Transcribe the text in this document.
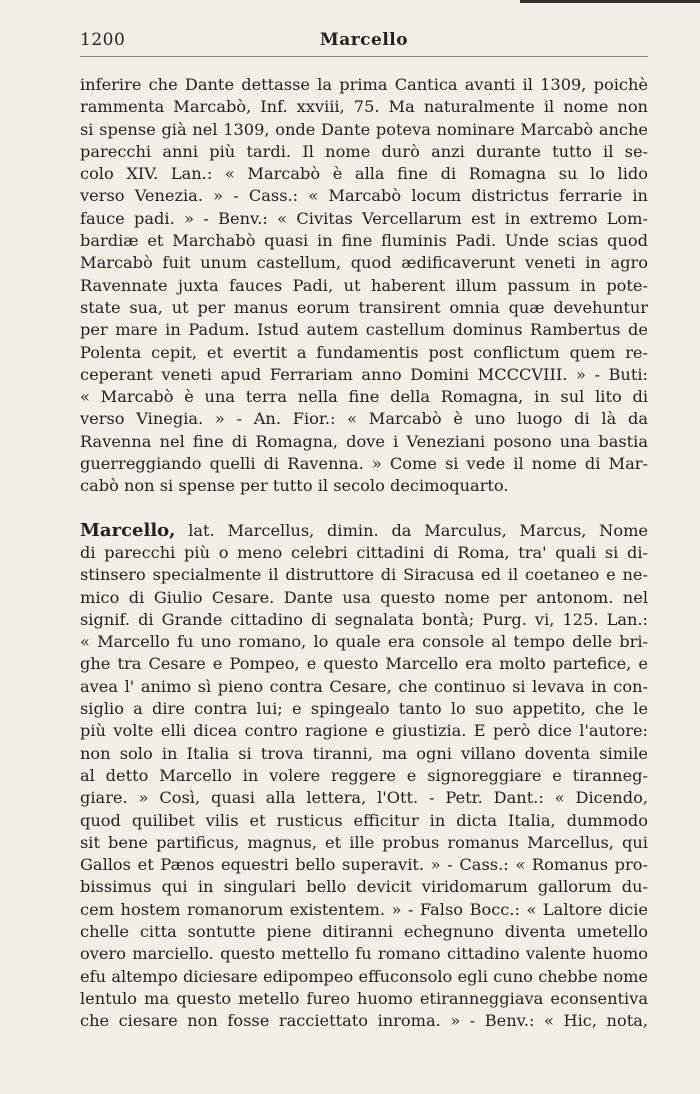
1200	Marcello
inferire che Dante dettasse la prima Cantica avanti il 1309, poichè
rammenta Marcabò, Inf. xxviii, 75. Ma naturalmente il nome non
si spense già nel 1309, onde Dante poteva nominare Marcabò anche
parecchi anni più tardi. Il nome durò anzi durante tutto il se-
colo XIV. Lan.: « Marcabò è alla fine di Romagna su lo lido
verso Venezia. » - Cass.: « Marcabò locum districtus ferrarie in
fauce padi. » - Benv.: « Civitas Vercellarum est in extremo Lom-
bardiæ et Marchabò quasi in fine fluminis Padi. Unde scias quod
Marcabò fuit unum castellum, quod ædificaverunt veneti in agro
Ravennate juxta fauces Padi, ut haberent illum passum in pote-
state sua, ut per manus eorum transirent omnia quæ devehuntur
per mare in Padum. Istud autem castellum dominus Rambertus de
Polenta cepit, et evertit a fundamentis post conflictum quem re-
ceperant veneti apud Ferrariam anno Domini MCCCVIII. » - Buti:
« Marcabò è una terra nella fine della Romagna, in sul lito di
verso Vinegia. » - An. Fior.: « Marcabò è uno luogo di là da
Ravenna nel fine di Romagna, dove i Veneziani posono una bastia
guerreggiando quelli di Ravenna. » Come si vede il nome di Mar-
cabò non si spense per tutto il secolo decimoquarto.
Marcello, lat. Marcellus, dimin. da Marculus, Marcus, Nome
di parecchi più o meno celebri cittadini di Roma, tra' quali si di-
stinsero specialmente il distruttore di Siracusa ed il coetaneo e ne-
mico di Giulio Cesare. Dante usa questo nome per antonom. nel
signif. di Grande cittadino di segnalata bontà; Purg. vi, 125. Lan.:
« Marcello fu uno romano, lo quale era console al tempo delle bri-
ghe tra Cesare e Pompeo, e questo Marcello era molto partefice, e
avea l' animo sì pieno contra Cesare, che continuo si levava in con-
siglio a dire contra lui; e spingealo tanto lo suo appetito, che le
più volte elli dicea contro ragione e giustizia. E però dice l'autore:
non solo in Italia si trova tiranni, ma ogni villano doventa simile
al detto Marcello in volere reggere e signoreggiare e tiranneg-
giare. » Così, quasi alla lettera, l'Ott. - Petr. Dant.: « Dicendo,
quod quilibet vilis et rusticus efficitur in dicta Italia, dummodo
sit bene partificus, magnus, et ille probus romanus Marcellus, qui
Gallos et Pænos equestri bello superavit. » - Cass.: « Romanus pro-
bissimus qui in singulari bello devicit viridomarum gallorum du-
cem hostem romanorum existentem. » - Falso Bocc.: « Laltore dicie
chelle citta sontutte piene ditiranni echegnuno diventa umetello
overo marciello. questo mettello fu romano cittadino valente huomo
efu altempo diciesare edipompeo effuconsolo egli cuno chebbe nome
lentulo ma questo metello fureo huomo etiranneggiava econsentiva
che ciesare non fosse racciettato inroma. » - Benv.: « Hic, nota,
